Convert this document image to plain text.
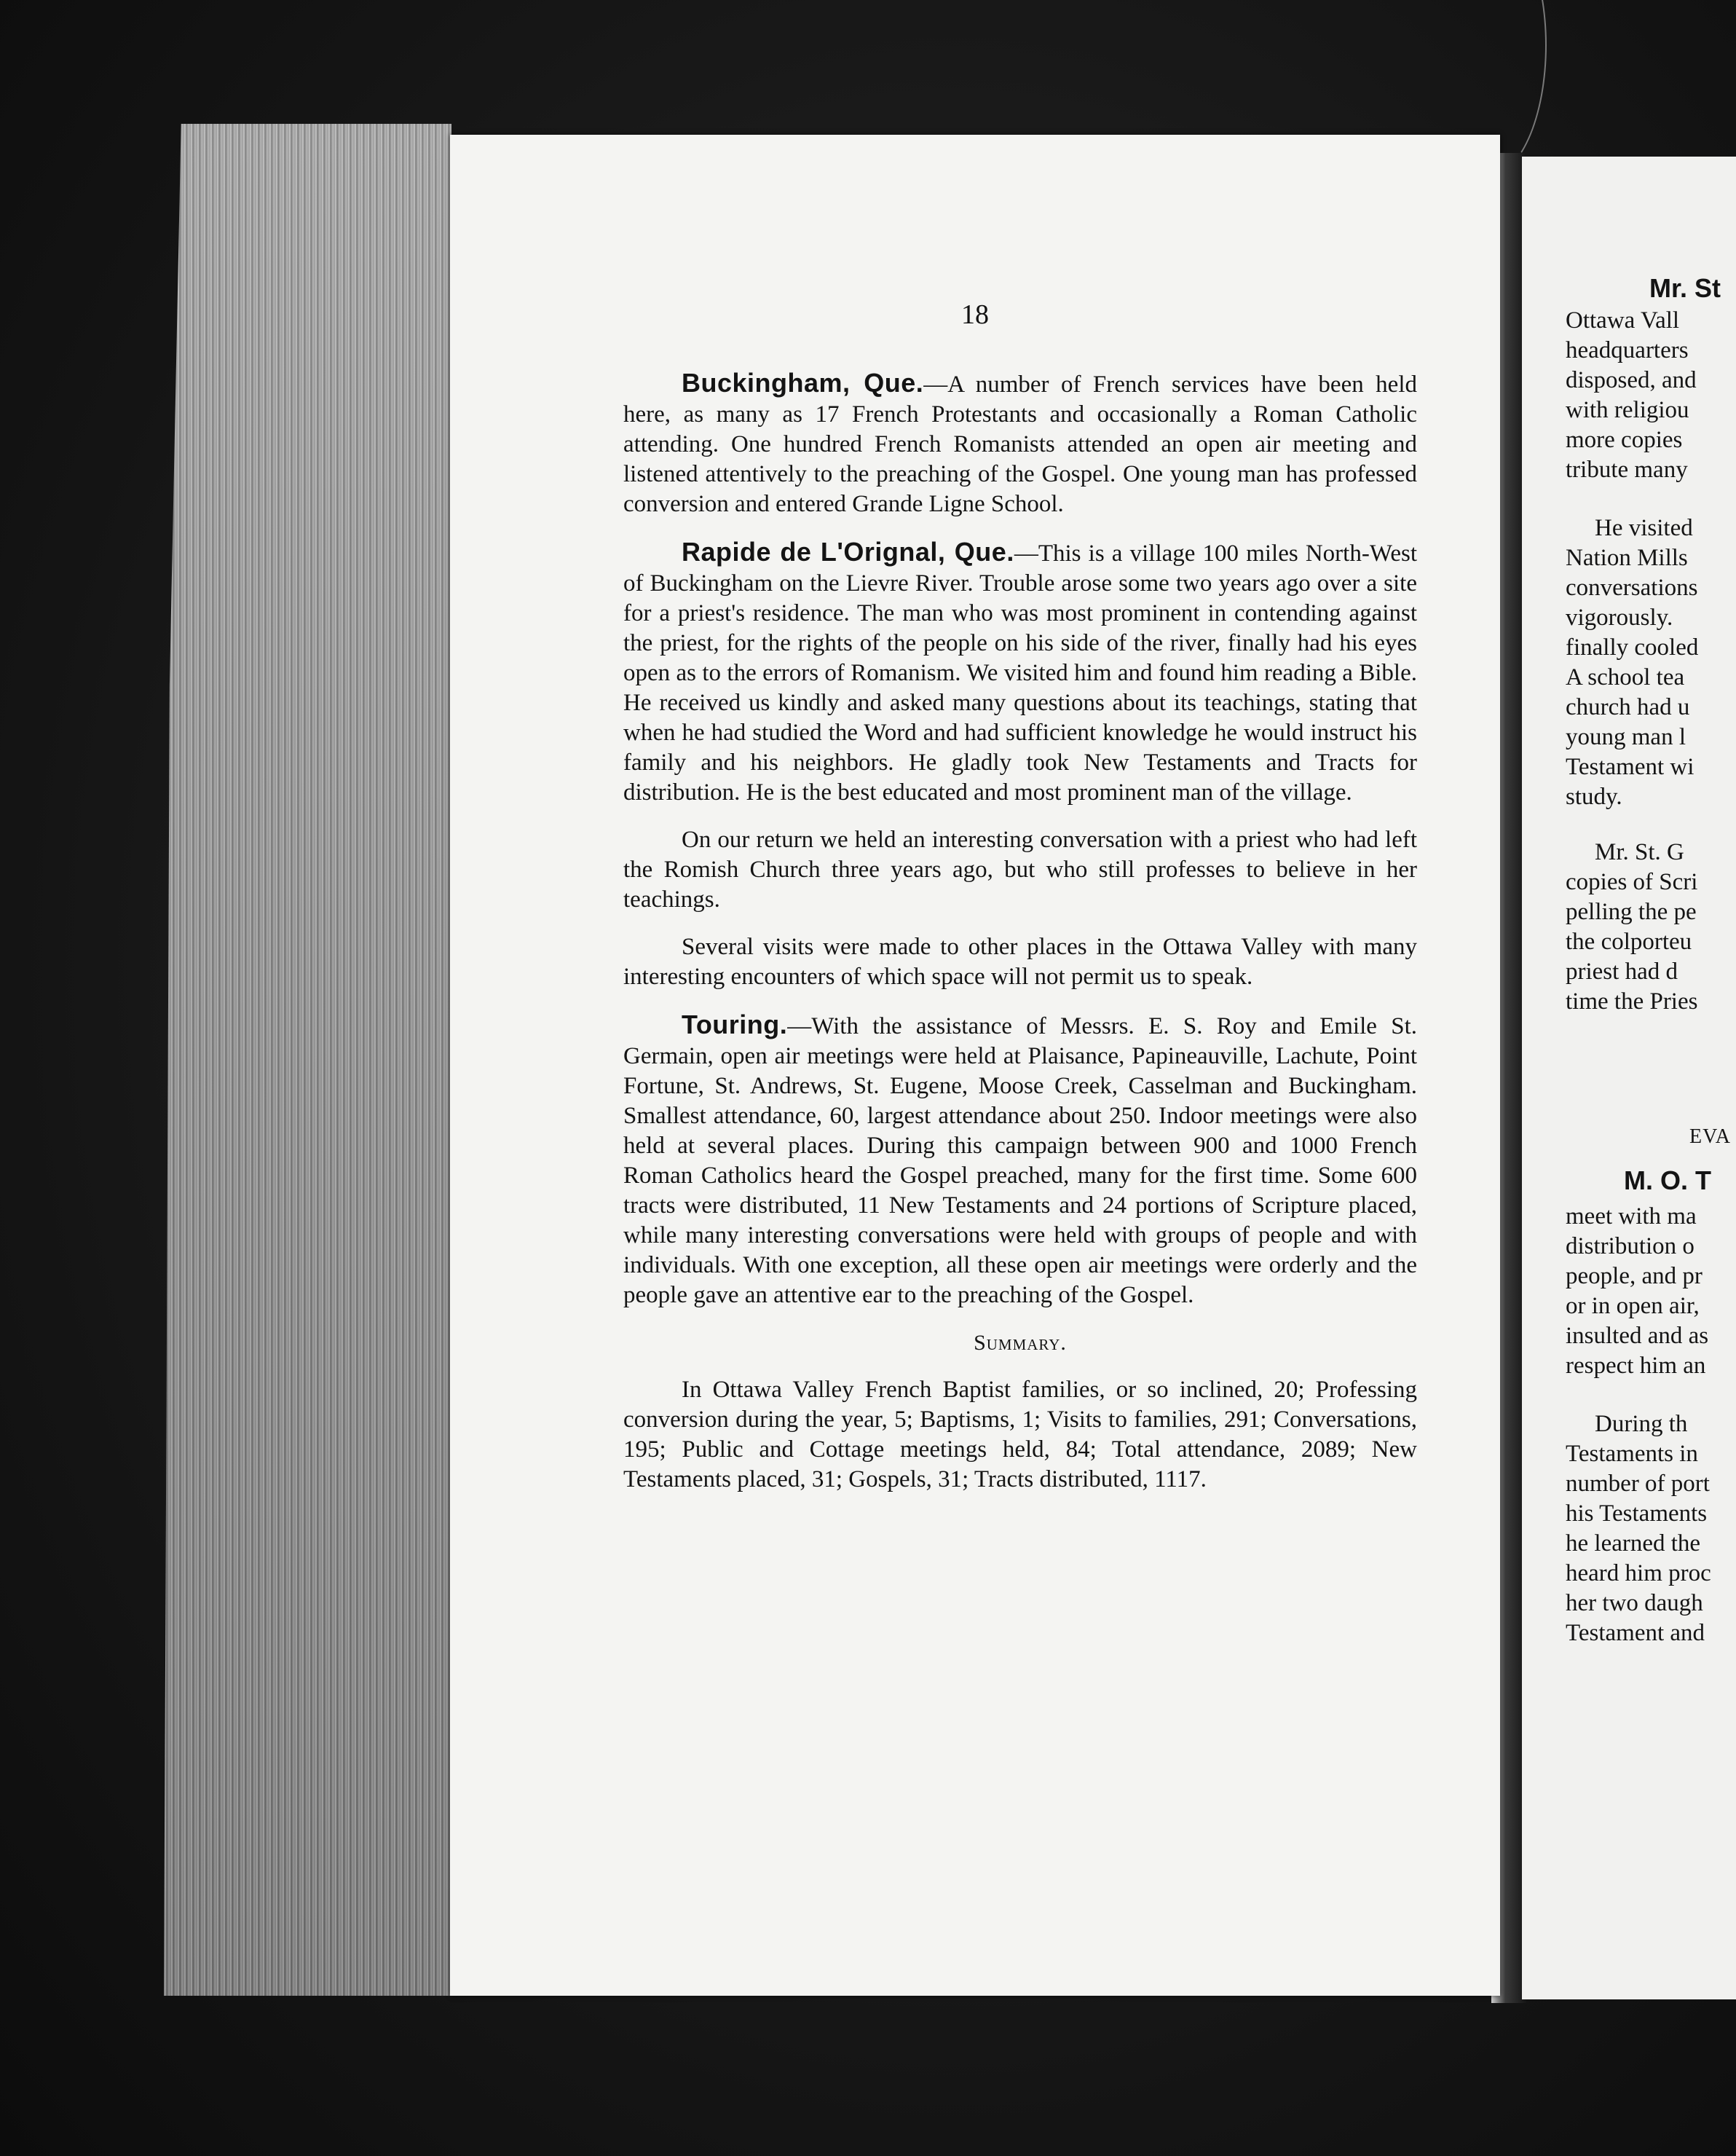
18

Buckingham, Que.—A number of French services have been held here, as many as 17 French Protestants and occasionally a Roman Catholic attending. One hundred French Romanists attended an open air meeting and listened attentively to the preaching of the Gospel. One young man has professed conversion and entered Grande Ligne School.

Rapide de L'Orignal, Que.—This is a village 100 miles North-West of Buckingham on the Lievre River. Trouble arose some two years ago over a site for a priest's residence. The man who was most prominent in contending against the priest, for the rights of the people on his side of the river, finally had his eyes open as to the errors of Romanism. We visited him and found him reading a Bible. He received us kindly and asked many questions about its teachings, stating that when he had studied the Word and had sufficient knowledge he would instruct his family and his neighbors. He gladly took New Testaments and Tracts for distribution. He is the best educated and most prominent man of the village.

On our return we held an interesting conversation with a priest who had left the Romish Church three years ago, but who still professes to believe in her teachings.

Several visits were made to other places in the Ottawa Valley with many interesting encounters of which space will not permit us to speak.

Touring.—With the assistance of Messrs. E. S. Roy and Emile St. Germain, open air meetings were held at Plaisance, Papineauville, Lachute, Point Fortune, St. Andrews, St. Eugene, Moose Creek, Casselman and Buckingham. Smallest attendance, 60, largest attendance about 250. Indoor meetings were also held at several places. During this campaign between 900 and 1000 French Roman Catholics heard the Gospel preached, many for the first time. Some 600 tracts were distributed, 11 New Testaments and 24 portions of Scripture placed, while many interesting conversations were held with groups of people and with individuals. With one exception, all these open air meetings were orderly and the people gave an attentive ear to the preaching of the Gospel.

Summary.

In Ottawa Valley French Baptist families, or so inclined, 20; Professing conversion during the year, 5; Baptisms, 1; Visits to families, 291; Conversations, 195; Public and Cottage meetings held, 84; Total attendance, 2089; New Testaments placed, 31; Gospels, 31; Tracts distributed, 1117.

Mr. St
Ottawa Vall
headquarters
disposed, and
with religiou
more copies
tribute many
He visited
Nation Mills
conversations
vigorously.
finally cooled
A school tea
church had u
young man l
Testament wi
study.
Mr. St. G
copies of Scri
pelling the pe
the colporteu
priest had d
time the Pries
EVA
M. O. T
meet with ma
distribution o
people, and pr
or in open air,
insulted and as
respect him an
During th
Testaments in
number of port
his Testaments
he learned the
heard him proc
her two daugh
Testament and
